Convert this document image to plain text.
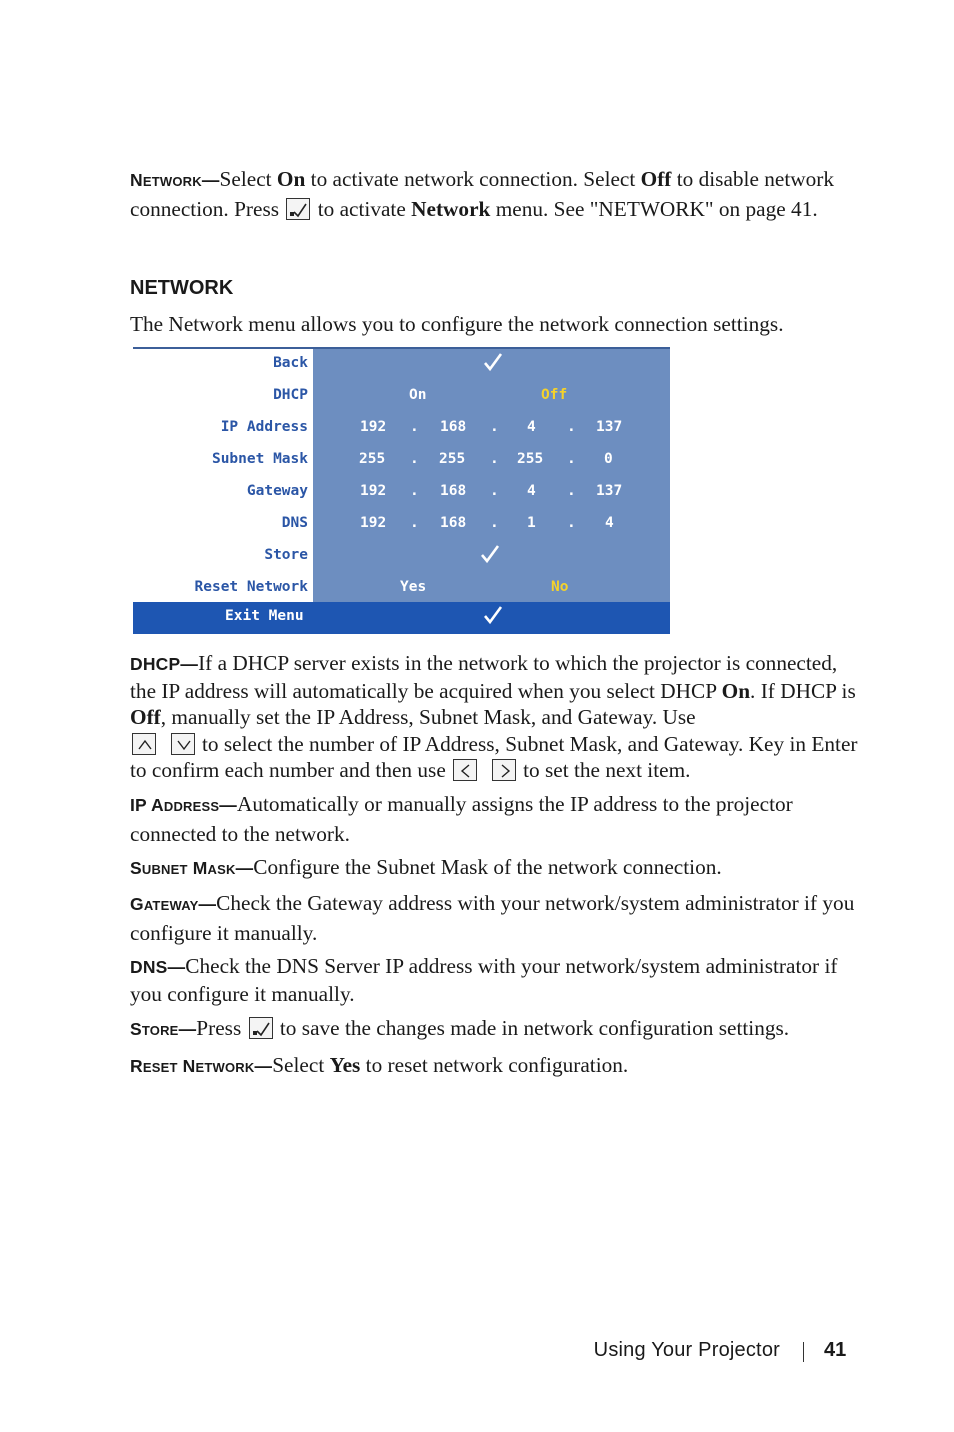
NETWORK—Select On to activate network connection. Select Off to disable network connection. Press
to activate Network menu. See "NETWORK" on page 41.

NETWORK

The Network menu allows you to configure the network connection settings.

Back
DHCP	On	Off
IP Address	192 . 168 . 4 . 137
Subnet Mask	255 . 255 . 255 . 0
Gateway	192 . 168 . 4 . 137
DNS	192 . 168 . 1 . 4
Store
Reset Network	Yes	No
Exit Menu

DHCP—If a DHCP server exists in the network to which the projector is connected, the IP address will automatically be acquired when you select DHCP On. If DHCP is Off, manually set the IP Address, Subnet Mask, and Gateway. Use

to select the number of IP Address, Subnet Mask, and Gateway. Key in Enter to confirm each number and then use
	to set the next item.

IP ADDRESS—Automatically or manually assigns the IP address to the projector connected to the network.

SUBNET MASK—Configure the Subnet Mask of the network connection.

GATEWAY—Check the Gateway address with your network/system administrator if you configure it manually.

DNS—Check the DNS Server IP address with your network/system administrator if you configure it manually.

STORE—Press
to save the changes made in network configuration settings.

RESET NETWORK—Select Yes to reset network configuration.

Using Your Projector 41
